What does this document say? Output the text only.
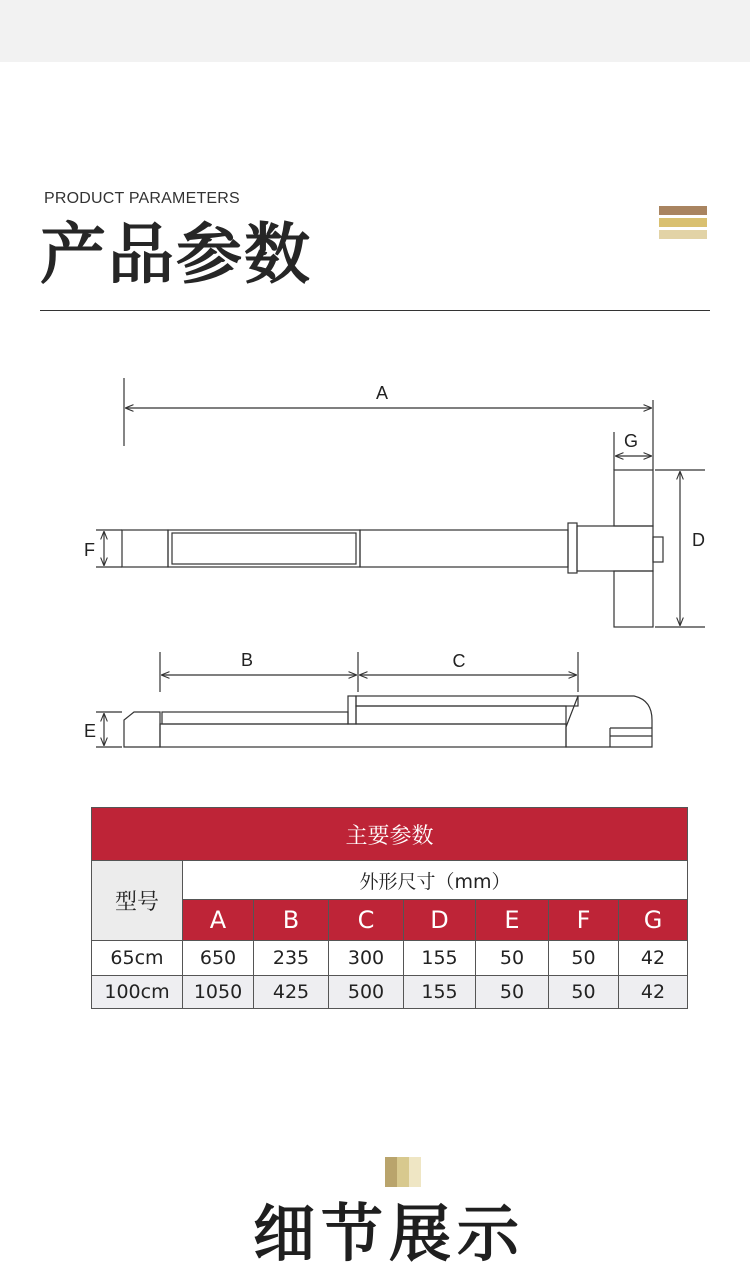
PRODUCT PARAMETERS
产品参数
A
G
D
F
B	C
E
主要参数							
型号	外形尺寸（mm）						
	A	B	C	D	E	F	G
65cm	650	235	300	155	50	50	42
100cm	1050	425	500	155	50	50	42
细节展示
